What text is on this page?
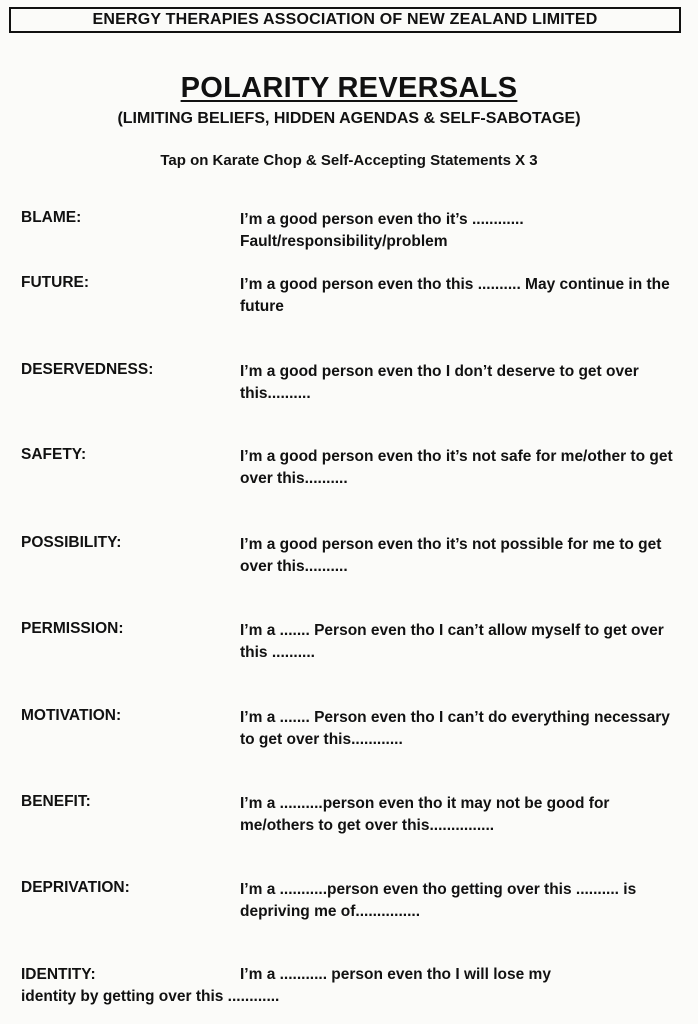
ENERGY THERAPIES ASSOCIATION OF NEW ZEALAND LIMITED
POLARITY REVERSALS
(LIMITING BELIEFS, HIDDEN AGENDAS & SELF-SABOTAGE)
Tap on Karate Chop & Self-Accepting Statements X 3
BLAME:	I’m a good person even tho it’s ............ Fault/responsibility/problem
FUTURE:	I’m a good person even tho this .......... May continue in the future
DESERVEDNESS:	I’m a good person even tho I don’t deserve to get over this..........
SAFETY:	I’m a good person even tho it’s not safe for me/other to get over this..........
POSSIBILITY:	I’m a good person even tho it’s not possible for me to get over this..........
PERMISSION:	I’m a ....... Person even tho I can’t allow myself to get over this ..........
MOTIVATION:	I’m a ....... Person even tho I can’t do everything necessary to get over this............
BENEFIT:	I’m a ..........person even tho it may not be good for me/others to get over this...............
DEPRIVATION:	I’m a ...........person even tho getting over this .......... is depriving me of...............
IDENTITY:	I’m a ........... person even tho I will lose my
identity by getting over this ............
